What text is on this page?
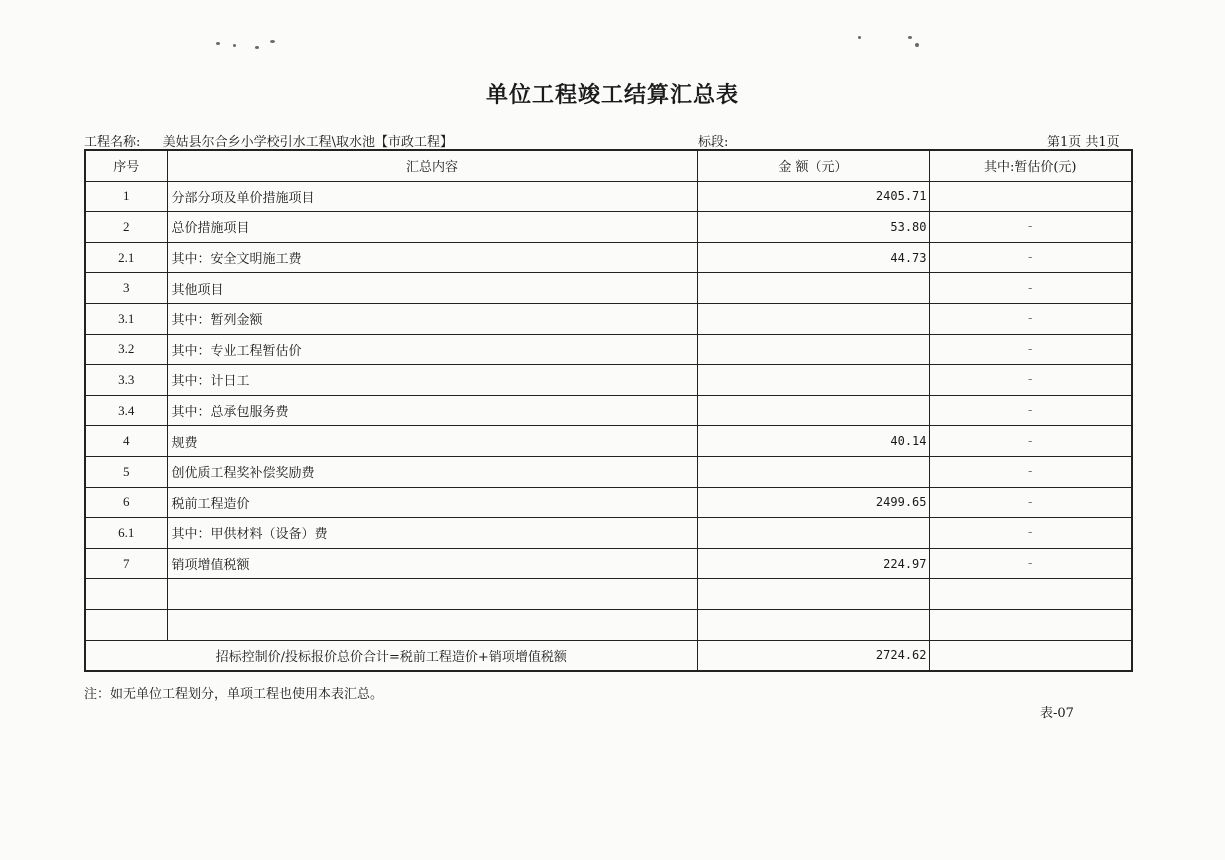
单位工程竣工结算汇总表
工程名称: 美姑县尔合乡小学校引水工程\取水池【市政工程】	标段:	第1页 共1页
序号	汇总内容	金 额（元）	其中:暂估价(元)
1	分部分项及单价措施项目	2405.71	
2	总价措施项目	53.80	-
2.1	其中：安全文明施工费	44.73	-
3	其他项目		-
3.1	其中：暂列金额		-
3.2	其中：专业工程暂估价		-
3.3	其中：计日工		-
3.4	其中：总承包服务费		-
4	规费	40.14	-
5	创优质工程奖补偿奖励费		-
6	税前工程造价	2499.65	-
6.1	其中：甲供材料（设备）费		-
7	销项增值税额	224.97	-

招标控制价/投标报价总价合计=税前工程造价+销项增值税额		2724.62	
注：如无单位工程划分，单项工程也使用本表汇总。
表-07
